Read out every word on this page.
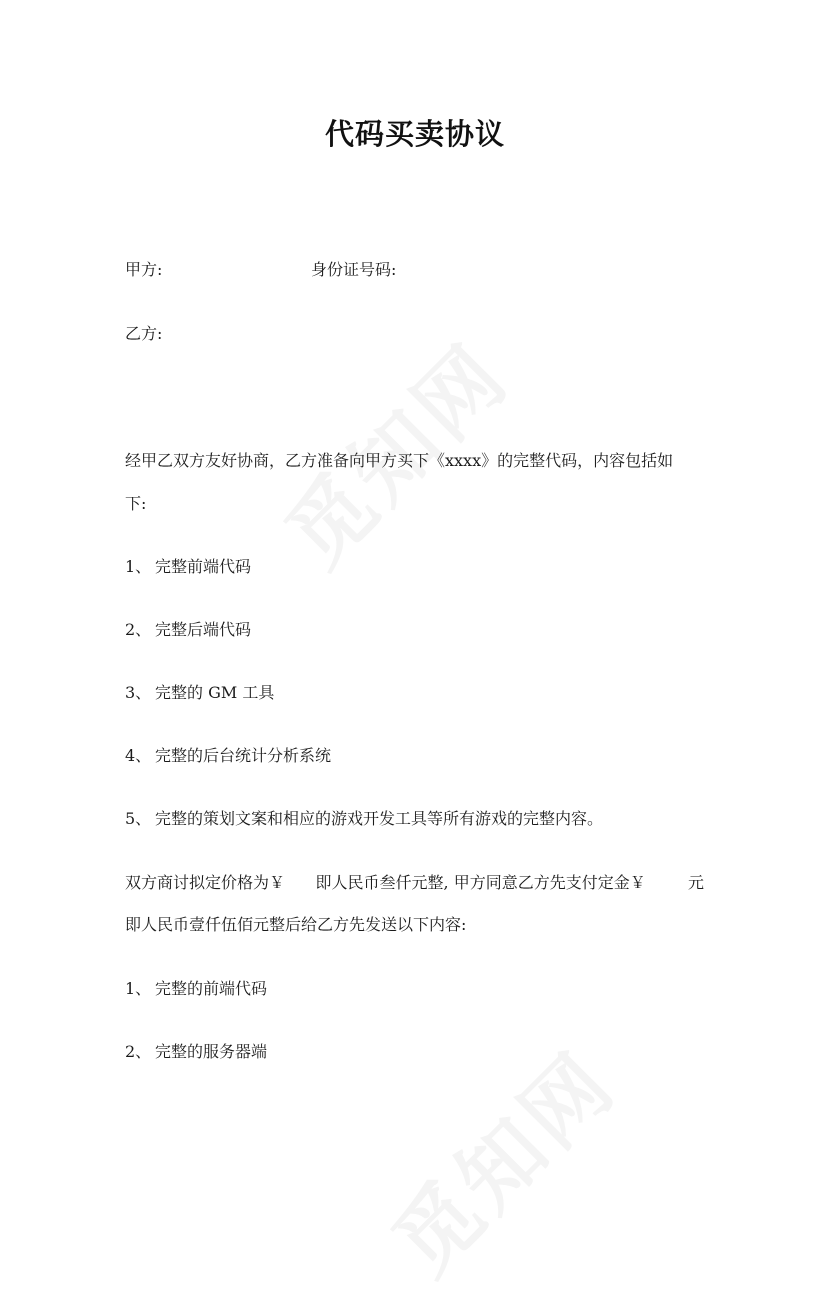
代码买卖协议
甲方:	身份证号码:
乙方:
经甲乙双方友好协商，乙方准备向甲方买下《xxxx》的完整代码，内容包括如
下:
1、 完整前端代码
2、 完整后端代码
3、 完整的 GM 工具
4、 完整的后台统计分析系统
5、 完整的策划文案和相应的游戏开发工具等所有游戏的完整内容。
双方商讨拟定价格为￥      即人民币叁仟元整, 甲方同意乙方先支付定金￥	元
即人民币壹仟伍佰元整后给乙方先发送以下内容:
1、 完整的前端代码
2、 完整的服务器端
